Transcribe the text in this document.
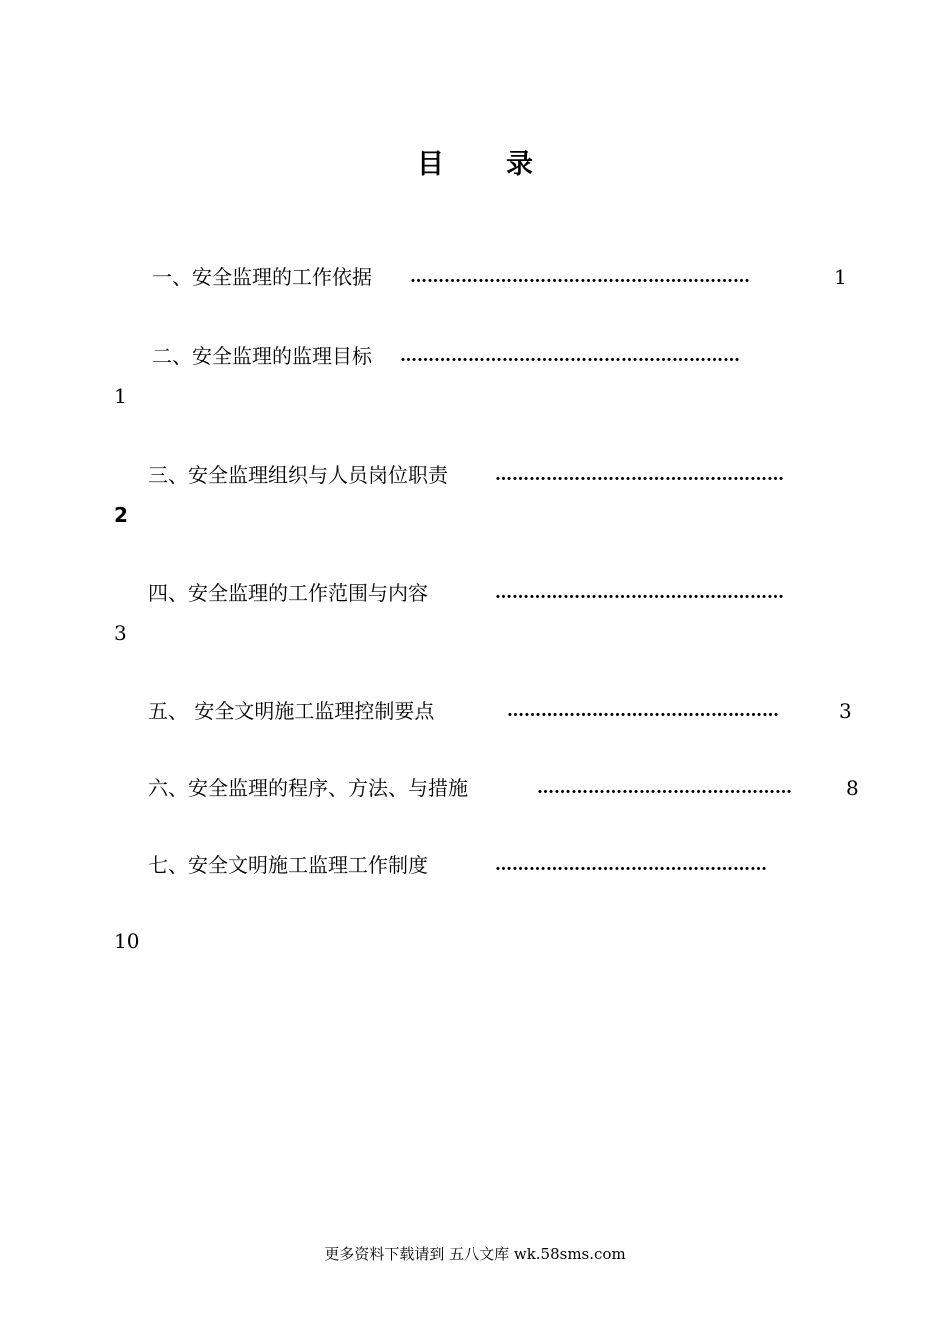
目 录
一、安全监理的工作依据 ……………………………………………………	1
二、安全监理的监理目标 ……………………………………………………
1
三、安全监理组织与人员岗位职责	……………………………………………
2
四、安全监理的工作范围与内容	……………………………………………
3
五、 安全文明施工监理控制要点	…………………………………………	3
六、安全监理的程序、方法、与措施	………………………………………	8
七、安全文明施工监理工作制度	…………………………………………
10
更多资料下载请到 五八文库 wk.58sms.com
